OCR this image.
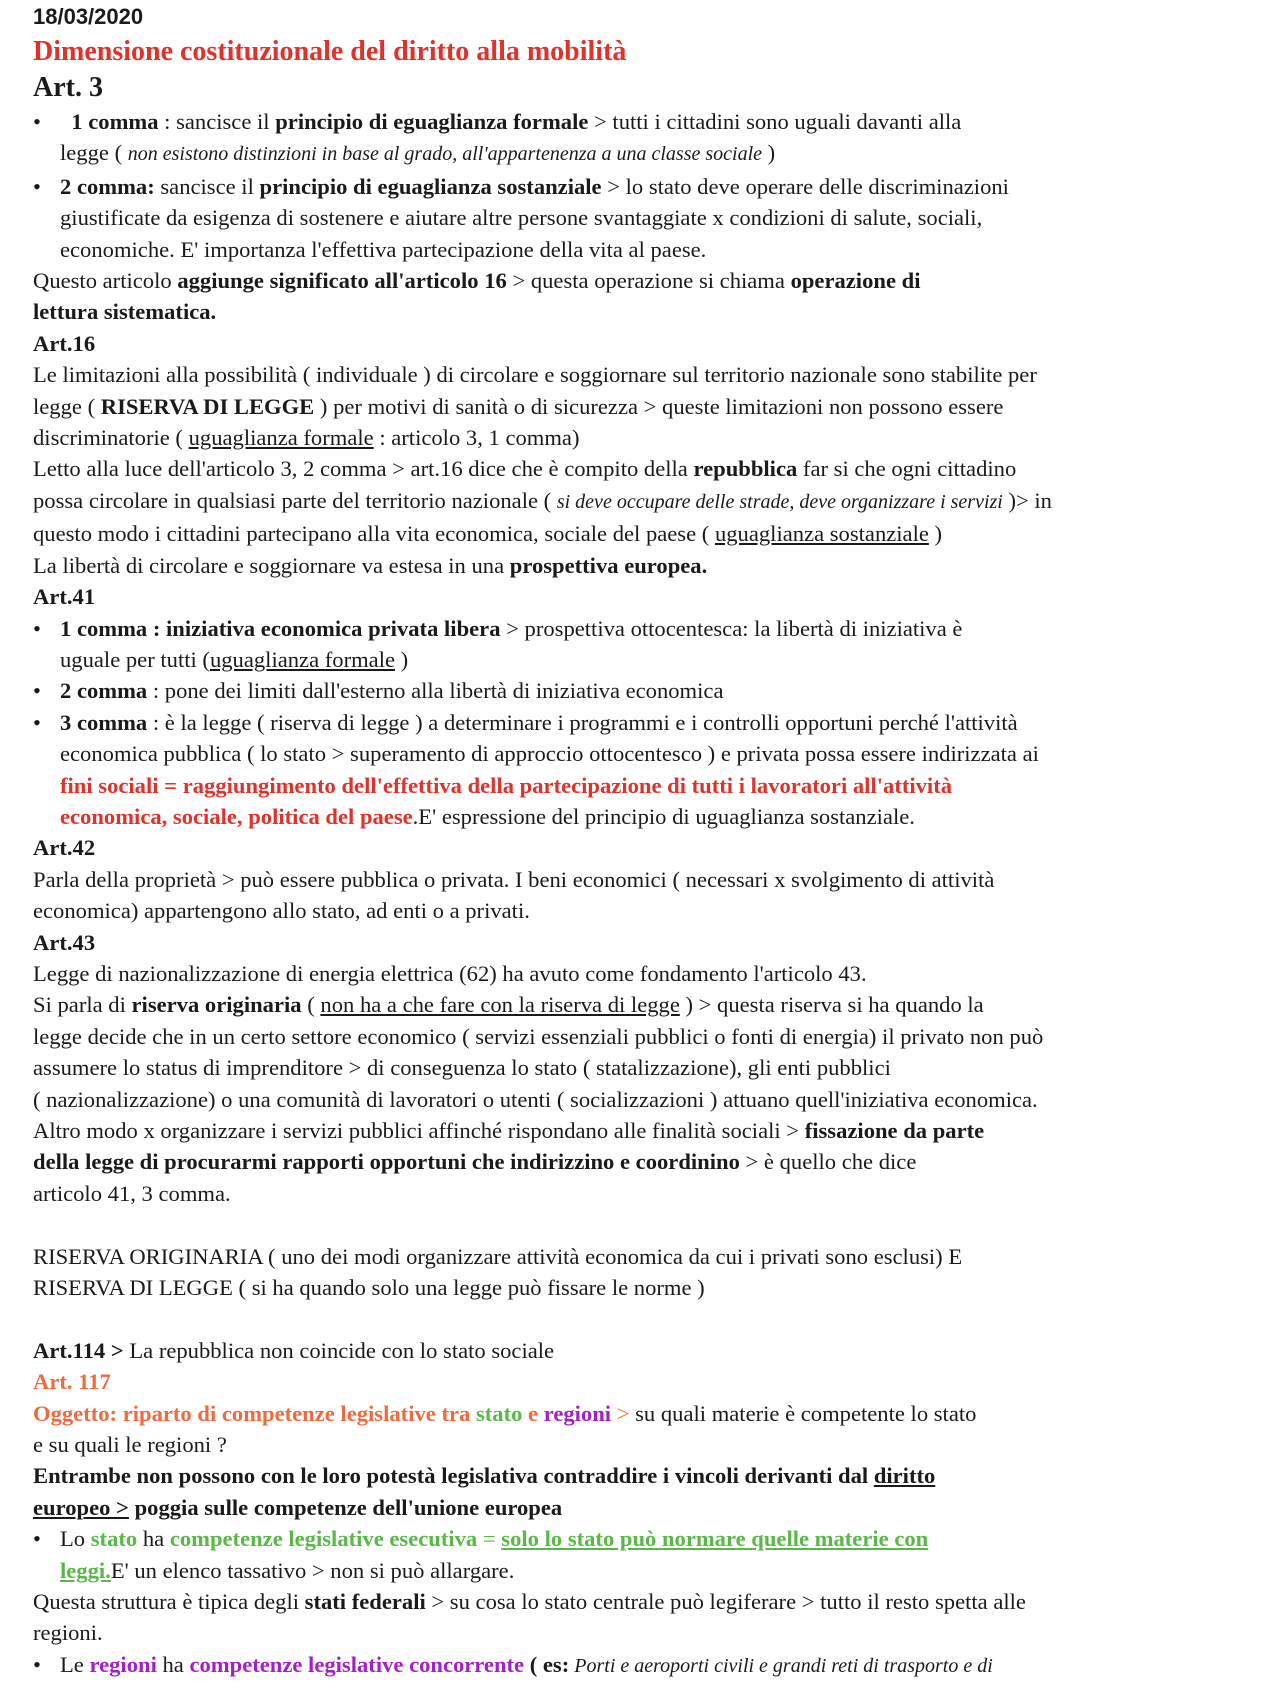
18/03/2020
Dimensione costituzionale del diritto alla mobilità
Art. 3
• 1 comma : sancisce il principio di eguaglianza formale > tutti i cittadini sono uguali davanti alla
legge ( non esistono distinzioni in base al grado, all'appartenenza a una classe sociale )
• 2 comma: sancisce il principio di eguaglianza sostanziale > lo stato deve operare delle discriminazioni
giustificate da esigenza di sostenere e aiutare altre persone svantaggiate x condizioni di salute, sociali,
economiche. E' importanza l'effettiva partecipazione della vita al paese.
Questo articolo aggiunge significato all'articolo 16 > questa operazione si chiama operazione di
lettura sistematica.
Art.16
Le limitazioni alla possibilità ( individuale ) di circolare e soggiornare sul territorio nazionale sono stabilite per
legge ( RISERVA DI LEGGE ) per motivi di sanità o di sicurezza > queste limitazioni non possono essere
discriminatorie ( uguaglianza formale : articolo 3, 1 comma)
Letto alla luce dell'articolo 3, 2 comma > art.16 dice che è compito della repubblica far si che ogni cittadino
possa circolare in qualsiasi parte del territorio nazionale ( si deve occupare delle strade, deve organizzare i servizi )> in
questo modo i cittadini partecipano alla vita economica, sociale del paese ( uguaglianza sostanziale )
La libertà di circolare e soggiornare va estesa in una prospettiva europea.
Art.41
• 1 comma : iniziativa economica privata libera > prospettiva ottocentesca: la libertà di iniziativa è
uguale per tutti (uguaglianza formale )
• 2 comma : pone dei limiti dall'esterno alla libertà di iniziativa economica
• 3 comma : è la legge ( riserva di legge ) a determinare i programmi e i controlli opportuni perché l'attività
economica pubblica ( lo stato > superamento di approccio ottocentesco ) e privata possa essere indirizzata ai
fini sociali = raggiungimento dell'effettiva della partecipazione di tutti i lavoratori all'attività
economica, sociale, politica del paese.E' espressione del principio di uguaglianza sostanziale.
Art.42
Parla della proprietà > può essere pubblica o privata. I beni economici ( necessari x svolgimento di attività
economica) appartengono allo stato, ad enti o a privati.
Art.43
Legge di nazionalizzazione di energia elettrica (62) ha avuto come fondamento l'articolo 43.
Si parla di riserva originaria ( non ha a che fare con la riserva di legge ) > questa riserva si ha quando la
legge decide che in un certo settore economico ( servizi essenziali pubblici o fonti di energia) il privato non può
assumere lo status di imprenditore > di conseguenza lo stato ( statalizzazione), gli enti pubblici
( nazionalizzazione) o una comunità di lavoratori o utenti ( socializzazioni ) attuano quell'iniziativa economica.
Altro modo x organizzare i servizi pubblici affinché rispondano alle finalità sociali > fissazione da parte
della legge di procurarmi rapporti opportuni che indirizzino e coordinino > è quello che dice
articolo 41, 3 comma.
RISERVA ORIGINARIA ( uno dei modi organizzare attività economica da cui i privati sono esclusi) E
RISERVA DI LEGGE ( si ha quando solo una legge può fissare le norme )
Art.114 > La repubblica non coincide con lo stato sociale
Art. 117
Oggetto: riparto di competenze legislative tra stato e regioni > su quali materie è competente lo stato
e su quali le regioni ?
Entrambe non possono con le loro potestà legislativa contraddire i vincoli derivanti dal diritto
europeo > poggia sulle competenze dell'unione europea
• Lo stato ha competenze legislative esecutiva = solo lo stato può normare quelle materie con
leggi.E' un elenco tassativo > non si può allargare.
Questa struttura è tipica degli stati federali > su cosa lo stato centrale può legiferare > tutto il resto spetta alle
regioni.
• Le regioni ha competenze legislative concorrente ( es: Porti e aeroporti civili e grandi reti di trasporto e di
